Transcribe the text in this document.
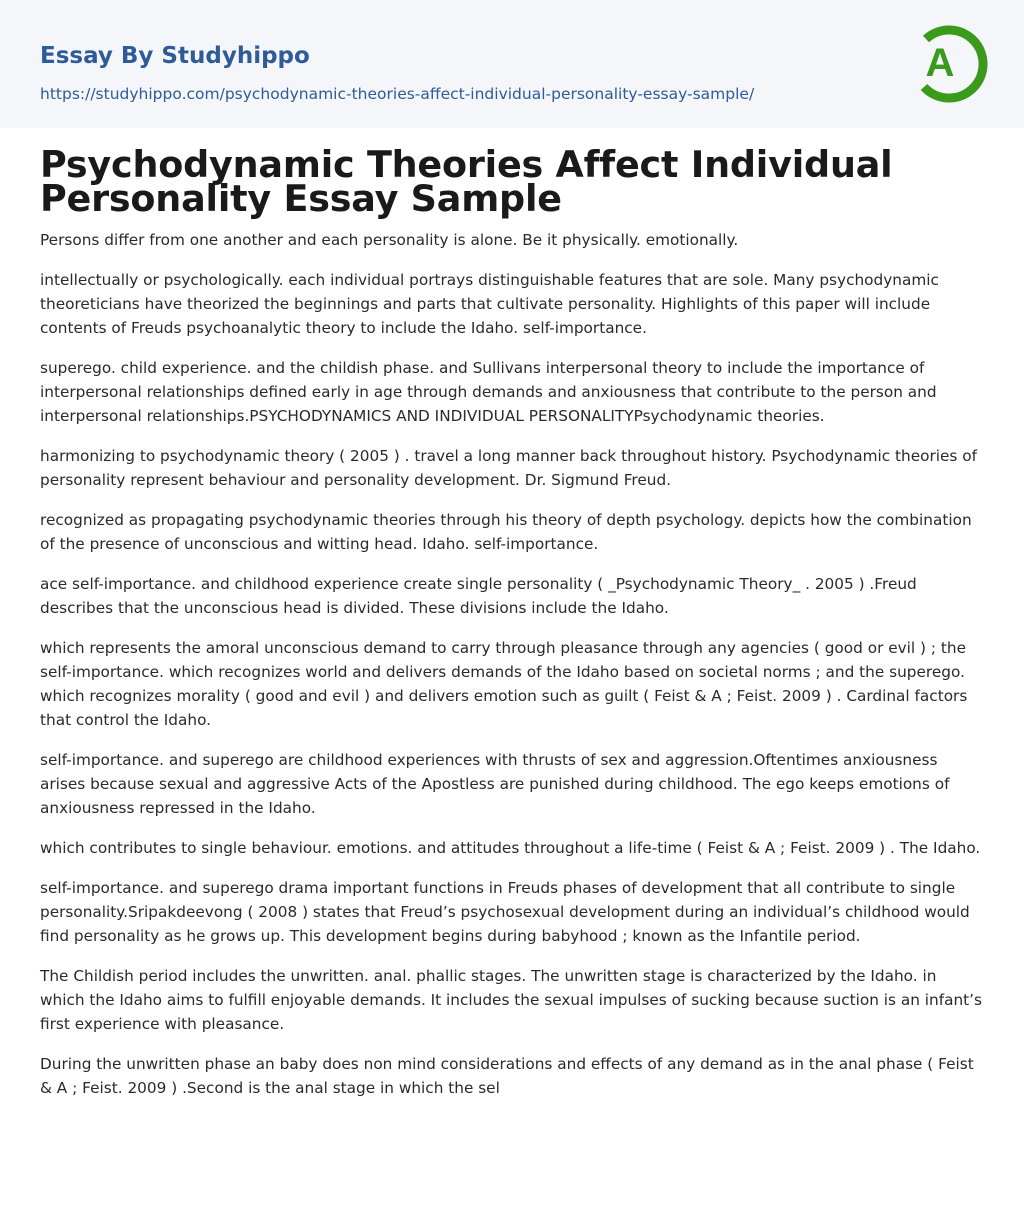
Essay By Studyhippo
https://studyhippo.com/psychodynamic-theories-affect-individual-personality-essay-sample/
A
Psychodynamic Theories Affect Individual Personality Essay Sample

Persons differ from one another and each personality is alone. Be it physically. emotionally.

intellectually or psychologically. each individual portrays distinguishable features that are sole. Many psychodynamic theoreticians have theorized the beginnings and parts that cultivate personality. Highlights of this paper will include contents of Freuds psychoanalytic theory to include the Idaho. self-importance.

superego. child experience. and the childish phase. and Sullivans interpersonal theory to include the importance of interpersonal relationships defined early in age through demands and anxiousness that contribute to the person and interpersonal relationships.PSYCHODYNAMICS AND INDIVIDUAL PERSONALITYPsychodynamic theories.

harmonizing to psychodynamic theory ( 2005 ) . travel a long manner back throughout history. Psychodynamic theories of personality represent behaviour and personality development. Dr. Sigmund Freud.

recognized as propagating psychodynamic theories through his theory of depth psychology. depicts how the combination of the presence of unconscious and witting head. Idaho. self-importance.

ace self-importance. and childhood experience create single personality ( _Psychodynamic Theory_ . 2005 ) .Freud describes that the unconscious head is divided. These divisions include the Idaho.

which represents the amoral unconscious demand to carry through pleasance through any agencies ( good or evil ) ; the self-importance. which recognizes world and delivers demands of the Idaho based on societal norms ; and the superego. which recognizes morality ( good and evil ) and delivers emotion such as guilt ( Feist & A ; Feist. 2009 ) . Cardinal factors that control the Idaho.

self-importance. and superego are childhood experiences with thrusts of sex and aggression.Oftentimes anxiousness arises because sexual and aggressive Acts of the Apostless are punished during childhood. The ego keeps emotions of anxiousness repressed in the Idaho.

which contributes to single behaviour. emotions. and attitudes throughout a life-time ( Feist & A ; Feist. 2009 ) . The Idaho.

self-importance. and superego drama important functions in Freuds phases of development that all contribute to single personality.Sripakdeevong ( 2008 ) states that Freud’s psychosexual development during an individual’s childhood would find personality as he grows up. This development begins during babyhood ; known as the Infantile period.

The Childish period includes the unwritten. anal. phallic stages. The unwritten stage is characterized by the Idaho. in which the Idaho aims to fulfill enjoyable demands. It includes the sexual impulses of sucking because suction is an infant’s first experience with pleasance.

During the unwritten phase an baby does non mind considerations and effects of any demand as in the anal phase ( Feist & A ; Feist. 2009 ) .Second is the anal stage in which the sel
